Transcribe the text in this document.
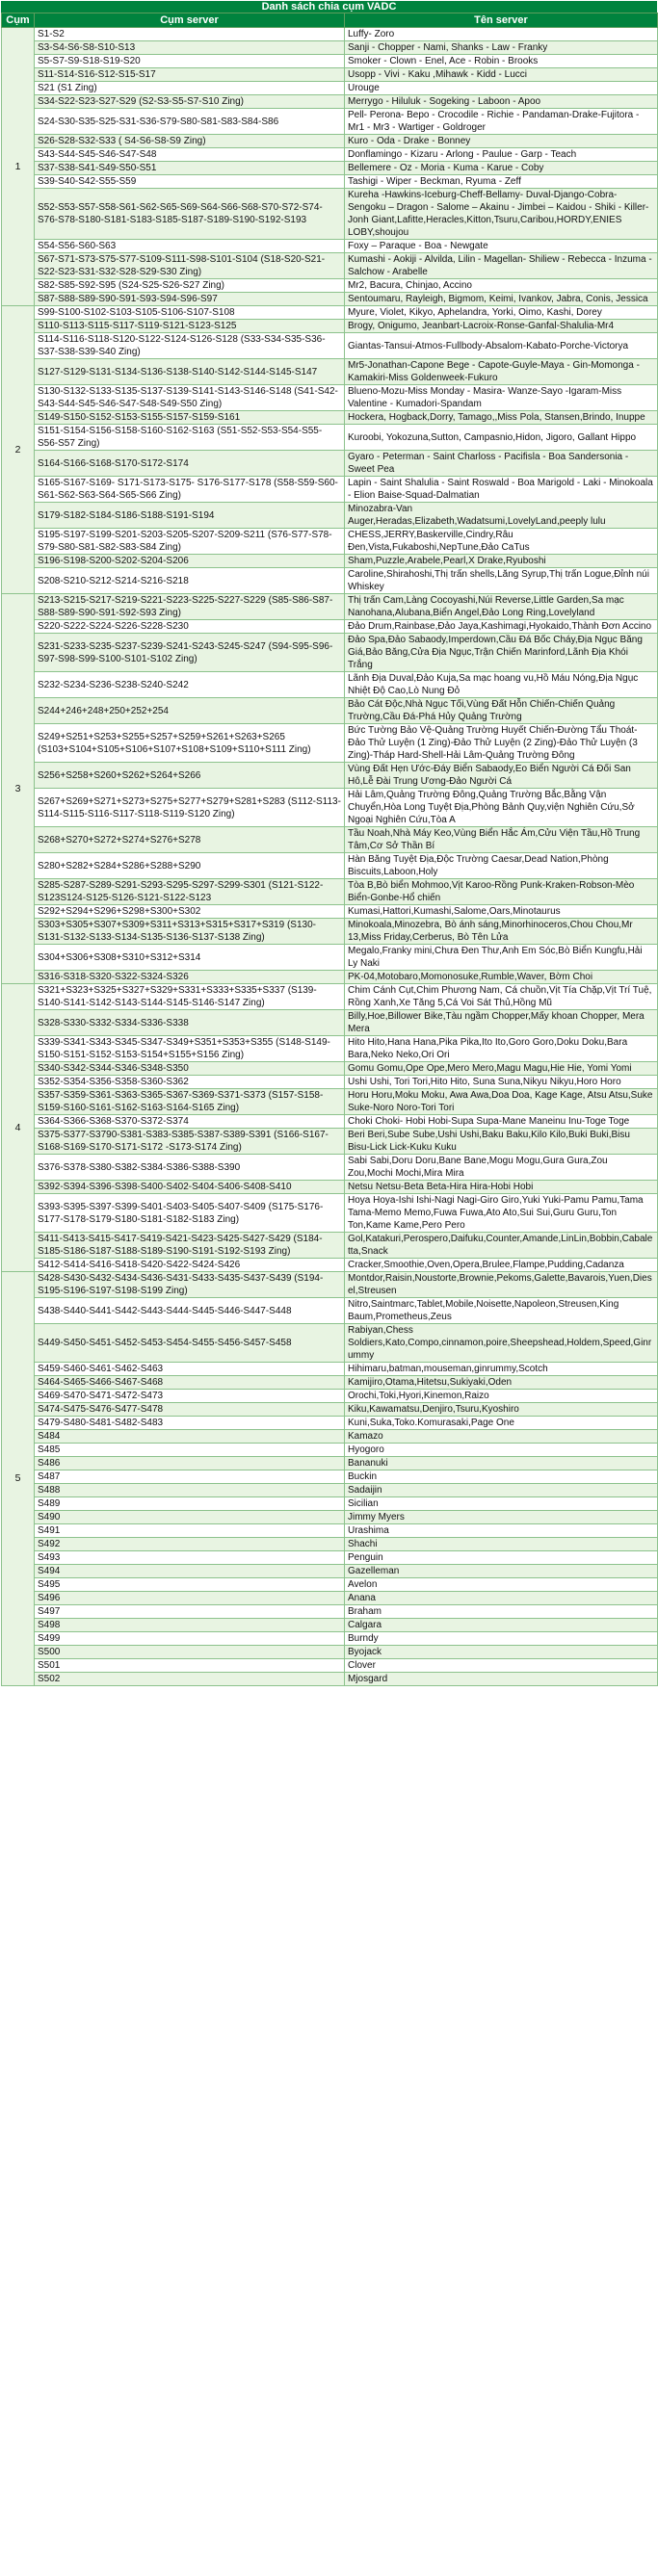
Danh sách chia cụm VADC
Cụm	Cụm server	Tên server
1	S1-S2	Luffy- Zoro
	S3-S4-S6-S8-S10-S13	Sanji - Chopper - Nami, Shanks - Law - Franky
	S5-S7-S9-S18-S19-S20	Smoker - Clown - Enel, Ace - Robin - Brooks
	S11-S14-S16-S12-S15-S17	Usopp - Vivi - Kaku ,Mihawk - Kidd - Lucci
	S21 (S1 Zing)	Urouge
	S34-S22-S23-S27-S29 (S2-S3-S5-S7-S10 Zing)	Merrygo - Hiluluk - Sogeking - Laboon - Apoo
	S24-S30-S35-S25-S31-S36-S79-S80-S81-S83-S84-S86	Pell- Perona- Bepo - Crocodile - Richie - Pandaman-Drake-Fujitora - Mr1 - Mr3 - Wartiger - Goldroger
	S26-S28-S32-S33 ( S4-S6-S8-S9 Zing)	Kuro - Oda - Drake - Bonney
	S43-S44-S45-S46-S47-S48	Donflamingo - Kizaru - Arlong - Paulue - Garp - Teach
	S37-S38-S41-S49-S50-S51	Bellemere - Oz - Moria - Kuma - Karue - Coby
	S39-S40-S42-S55-S59	Tashigi - Wiper - Beckman, Ryuma - Zeff
	S52-S53-S57-S58-S61-S62-S65-S69-S64-S66-S68-S70-S72-S74-S76-S78-S180-S181-S183-S185-S187-S189-S190-S192-S193	Kureha -Hawkins-Iceburg-Cheff-Bellamy- Duval-Django-Cobra-Sengoku – Dragon - Salome – Akainu - Jimbei – Kaidou - Shiki - Killer-Jonh Giant,Lafitte,Heracles,Kitton,Tsuru,Caribou,HORDY,ENIES LOBY,shoujou
	S54-S56-S60-S63	Foxy – Paraque - Boa - Newgate
	S67-S71-S73-S75-S77-S109-S111-S98-S101-S104 (S18-S20-S21-S22-S23-S31-S32-S28-S29-S30 Zing)	Kumashi - Aokiji - Alvilda, Lilin - Magellan- Shiliew - Rebecca - Inzuma - Salchow - Arabelle
	S82-S85-S92-S95 (S24-S25-S26-S27 Zing)	Mr2, Bacura, Chinjao, Accino
	S87-S88-S89-S90-S91-S93-S94-S96-S97	Sentoumaru, Rayleigh, Bigmom, Keimi, Ivankov, Jabra, Conis, Jessica
2	S99-S100-S102-S103-S105-S106-S107-S108	Myure, Violet, Kikyo, Aphelandra, Yorki, Oimo, Kashi, Dorey
	S110-S113-S115-S117-S119-S121-S123-S125	Brogy, Onigumo, Jeanbart-Lacroix-Ronse-Ganfal-Shalulia-Mr4
	S114-S116-S118-S120-S122-S124-S126-S128 (S33-S34-S35-S36-S37-S38-S39-S40 Zing)	Giantas-Tansui-Atmos-Fullbody-Absalom-Kabato-Porche-Victorya
	S127-S129-S131-S134-S136-S138-S140-S142-S144-S145-S147	Mr5-Jonathan-Capone Bege - Capote-Guyle-Maya - Gin-Momonga - Kamakiri-Miss Goldenweek-Fukuro
	S130-S132-S133-S135-S137-S139-S141-S143-S146-S148 (S41-S42-S43-S44-S45-S46-S47-S48-S49-S50 Zing)	Blueno-Mozu-Miss Monday - Masira- Wanze-Sayo -Igaram-Miss Valentine - Kumadori-Spandam
	S149-S150-S152-S153-S155-S157-S159-S161	Hockera, Hogback,Dorry, Tamago,,Miss Pola, Stansen,Brindo, Inuppe
	S151-S154-S156-S158-S160-S162-S163 (S51-S52-S53-S54-S55-S56-S57 Zing)	Kuroobi, Yokozuna,Sutton, Campasnio,Hidon, Jigoro, Gallant Hippo
	S164-S166-S168-S170-S172-S174	Gyaro - Peterman - Saint Charloss - Pacifisla - Boa Sandersonia - Sweet Pea
	S165-S167-S169- S171-S173-S175- S176-S177-S178 (S58-S59-S60-S61-S62-S63-S64-S65-S66 Zing)	Lapin - Saint Shalulia - Saint Roswald - Boa Marigold - Laki - Minokoala - Elion Baise-Squad-Dalmatian
	S179-S182-S184-S186-S188-S191-S194	Minozabra-Van Auger,Heradas,Elizabeth,Wadatsumi,LovelyLand,peeply lulu
	S195-S197-S199-S201-S203-S205-S207-S209-S211 (S76-S77-S78-S79-S80-S81-S82-S83-S84 Zing)	CHESS,JERRY,Baskerville,Cindry,Râu Đen,Vista,Fukaboshi,NepTune,Đảo CaTus
	S196-S198-S200-S202-S204-S206	Sham,Puzzle,Arabele,Pearl,X Drake,Ryuboshi
	S208-S210-S212-S214-S216-S218	Caroline,Shirahoshi,Thị trấn shells,Lăng Syrup,Thị trấn Logue,Đỉnh núi Whiskey
3	S213-S215-S217-S219-S221-S223-S225-S227-S229 (S85-S86-S87-S88-S89-S90-S91-S92-S93 Zing)	Thị trấn Cam,Làng Cocoyashi,Núi Reverse,Little Garden,Sa mạc Nanohana,Alubana,Biển Angel,Đảo Long Ring,Lovelyland
	S220-S222-S224-S226-S228-S230	Đảo Drum,Rainbase,Đảo Jaya,Kashimagi,Hyokaido,Thành Đơn Accino
	S231-S233-S235-S237-S239-S241-S243-S245-S247 (S94-S95-S96-S97-S98-S99-S100-S101-S102 Zing)	Đảo Spa,Đảo Sabaody,Imperdown,Cầu Đá Bốc Cháy,Địa Ngục Băng Giá,Bảo Băng,Cửa Địa Ngục,Trận Chiến Marinford,Lãnh Địa Khói Trắng
	S232-S234-S236-S238-S240-S242	Lãnh Địa Duval,Đảo Kuja,Sa mạc hoang vu,Hồ Máu Nóng,Địa Ngục Nhiệt Độ Cao,Lò Nung Đỏ
	S244+246+248+250+252+254	Bảo Cát Độc,Nhà Ngục Tối,Vùng Đất Hỗn Chiến-Chiến Quảng Trường,Cầu Đá-Phá Hủy Quảng Trường
	S249+S251+S253+S255+S257+S259+S261+S263+S265 (S103+S104+S105+S106+S107+S108+S109+S110+S111 Zing)	Bức Tường Bảo Vệ-Quảng Trường Huyết Chiến-Đường Tẩu Thoát-Đảo Thử Luyện (1 Zing)-Đảo Thử Luyện (2 Zing)-Đảo Thử Luyện (3 Zing)-Tháp Hard-Shell-Hải Lâm-Quảng Trường Đông
	S256+S258+S260+S262+S264+S266	Vùng Đất Hẹn Ước-Đáy Biển Sabaody,Eo Biển Người Cá Đối San Hô,Lễ Đài Trung Ương-Đảo Người Cá
	S267+S269+S271+S273+S275+S277+S279+S281+S283 (S112-S113-S114-S115-S116-S117-S118-S119-S120 Zing)	Hải Lâm,Quảng Trường Đông,Quảng Trường Bắc,Bằng Vận Chuyển,Hòa Long Tuyệt Địa,Phòng Bảnh Quy,viện Nghiên Cứu,Sở Ngoại Nghiên Cứu,Tòa A
	S268+S270+S272+S274+S276+S278	Tầu Noah,Nhà Máy Keo,Vùng Biển Hắc Ám,Cửu Viện Tầu,Hồ Trung Tâm,Cơ Sở Thần Bí
	S280+S282+S284+S286+S288+S290	Hàn Băng Tuyệt Địa,Độc Trường Caesar,Dead Nation,Phòng Biscuits,Laboon,Holy
	S285-S287-S289-S291-S293-S295-S297-S299-S301 (S121-S122-S123S124-S125-S126-S121-S122-S123	Tòa B,Bò biển Mohmoo,Vịt Karoo-Rồng Punk-Kraken-Robson-Mèo Biển-Gonbe-Hổ chiến
	S292+S294+S296+S298+S300+S302	Kumasi,Hattori,Kumashi,Salome,Oars,Minotaurus
	S303+S305+S307+S309+S311+S313+S315+S317+S319 (S130-S131-S132-S133-S134-S135-S136-S137-S138 Zing)	Minokoala,Minozebra, Bò ánh sáng,Minorhinoceros,Chou Chou,Mr 13,Miss Friday,Cerberus, Bò Tên Lửa
	S304+S306+S308+S310+S312+S314	Megalo,Franky mini,Chưa Đen Thư,Anh Em Sóc,Bò Biển Kungfu,Hải Ly Naki
	S316-S318-S320-S322-S324-S326	PK-04,Motobaro,Momonosuke,Rumble,Waver, Bờm Choi
4	S321+S323+S325+S327+S329+S331+S333+S335+S337 (S139-S140-S141-S142-S143-S144-S145-S146-S147 Zing)	Chim Cánh Cụt,Chim Phương Nam, Cá chuồn,Vịt Tía Chặp,Vịt Trí Tuệ, Rồng Xanh,Xe Tăng 5,Cá Voi Sát Thủ,Hồng Mũ
	S328-S330-S332-S334-S336-S338	Billy,Hoe,Billower Bike,Tàu ngầm Chopper,Mấy khoan Chopper, Mera Mera
	S339-S341-S343-S345-S347-S349+S351+S353+S355 (S148-S149-S150-S151-S152-S153-S154+S155+S156 Zing)	Hito Hito,Hana Hana,Pika Pika,Ito Ito,Goro Goro,Doku Doku,Bara Bara,Neko Neko,Ori Ori
	S340-S342-S344-S346-S348-S350	Gomu Gomu,Ope Ope,Mero Mero,Magu Magu,Hie Hie, Yomi Yomi
	S352-S354-S356-S358-S360-S362	Ushi Ushi, Tori Tori,Hito Hito, Suna Suna,Nikyu Nikyu,Horo Horo
	S357-S359-S361-S363-S365-S367-S369-S371-S373 (S157-S158-S159-S160-S161-S162-S163-S164-S165 Zing)	Horu Horu,Moku Moku, Awa Awa,Doa Doa, Kage Kage, Atsu Atsu,Suke Suke-Noro Noro-Tori Tori
	S364-S366-S368-S370-S372-S374	Choki Choki- Hobi Hobi-Supa Supa-Mane Maneinu Inu-Toge Toge
	S375-S377-S3790-S381-S383-S385-S387-S389-S391 (S166-S167-S168-S169-S170-S171-S172 -S173-S174 Zing)	Beri Beri,Sube Sube,Ushi Ushi,Baku Baku,Kilo Kilo,Buki Buki,Bisu Bisu-Lick Lick-Kuku Kuku
	S376-S378-S380-S382-S384-S386-S388-S390	Sabi Sabi,Doru Doru,Bane Bane,Mogu Mogu,Gura Gura,Zou Zou,Mochi Mochi,Mira Mira
	S392-S394-S396-S398-S400-S402-S404-S406-S408-S410	Netsu Netsu-Beta Beta-Hira Hira-Hobi Hobi
	S393-S395-S397-S399-S401-S403-S405-S407-S409 (S175-S176-S177-S178-S179-S180-S181-S182-S183 Zing)	Hoya Hoya-Ishi Ishi-Nagi Nagi-Giro Giro,Yuki Yuki-Pamu Pamu,Tama Tama-Memo Memo,Fuwa Fuwa,Ato Ato,Sui Sui,Guru Guru,Ton Ton,Kame Kame,Pero Pero
	S411-S413-S415-S417-S419-S421-S423-S425-S427-S429 (S184-S185-S186-S187-S188-S189-S190-S191-S192-S193 Zing)	Gol,Katakuri,Perospero,Daifuku,Counter,Amande,LinLin,Bobbin,Cabaletta,Snack
	S412-S414-S416-S418-S420-S422-S424-S426	Cracker,Smoothie,Oven,Opera,Brulee,Flampe,Pudding,Cadanza
5	S428-S430-S432-S434-S436-S431-S433-S435-S437-S439 (S194-S195-S196-S197-S198-S199 Zing)	Montdor,Raisin,Noustorte,Brownie,Pekoms,Galette,Bavarois,Yuen,Diesel,Streusen
	S438-S440-S441-S442-S443-S444-S445-S446-S447-S448	Nitro,Saintmarc,Tablet,Mobile,Noisette,Napoleon,Streusen,King Baum,Prometheus,Zeus
	S449-S450-S451-S452-S453-S454-S455-S456-S457-S458	Rabiyan,Chess Soldiers,Kato,Compo,cinnamon,poire,Sheepshead,Holdem,Speed,Ginrummy
	S459-S460-S461-S462-S463	Hihimaru,batman,mouseman,ginrummy,Scotch
	S464-S465-S466-S467-S468	Kamijiro,Otama,Hitetsu,Sukiyaki,Oden
	S469-S470-S471-S472-S473	Orochi,Toki,Hyori,Kinemon,Raizo
	S474-S475-S476-S477-S478	Kiku,Kawamatsu,Denjiro,Tsuru,Kyoshiro
	S479-S480-S481-S482-S483	Kuni,Suka,Toko.Komurasaki,Page One
	S484	Kamazo
	S485	Hyogoro
	S486	Bananuki
	S487	Buckin
	S488	Sadaijin
	S489	Sicilian
	S490	Jimmy Myers
	S491	Urashima
	S492	Shachi
	S493	Penguin
	S494	Gazelleman
	S495	Avelon
	S496	Anana
	S497	Braham
	S498	Calgara
	S499	Burndy
	S500	Byojack
	S501	Clover
	S502	Mjosgard
